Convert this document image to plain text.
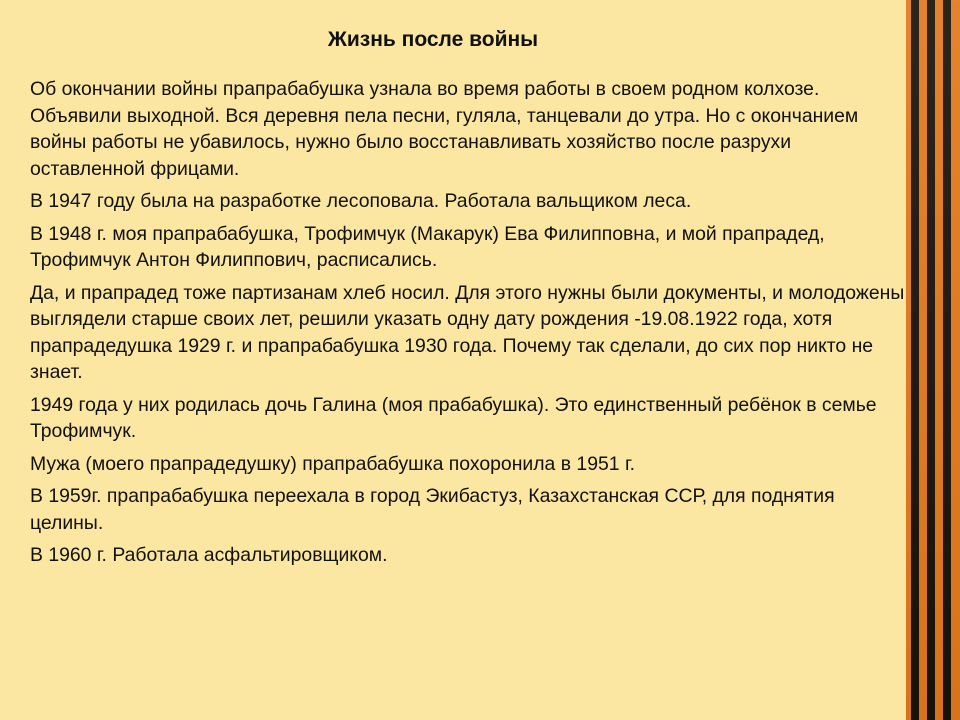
Жизнь после войны

Об окончании войны прапрабабушка узнала во время работы в своем родном колхозе. Объявили выходной. Вся деревня пела песни, гуляла, танцевали до утра. Но с окончанием войны работы не убавилось, нужно было восстанавливать хозяйство после разрухи оставленной фрицами.

В 1947 году была на разработке лесоповала. Работала вальщиком леса.

В 1948 г. моя прапрабабушка, Трофимчук (Макарук) Ева Филипповна, и мой прапрадед, Трофимчук Антон Филиппович, расписались.

Да, и прапрадед тоже партизанам хлеб носил. Для этого нужны были документы, и молодожены выглядели старше своих лет, решили указать одну дату рождения -19.08.1922 года, хотя прапрадедушка 1929 г. и прапрабабушка 1930 года. Почему так сделали, до сих пор никто не знает.

1949 года у них родилась дочь Галина (моя прабабушка). Это единственный ребёнок в семье Трофимчук.

Мужа (моего прапрадедушку) прапрабабушка похоронила в 1951 г.

В 1959г. прапрабабушка переехала в город Экибастуз, Казахстанская ССР, для поднятия целины.

В 1960 г. Работала асфальтировщиком.
